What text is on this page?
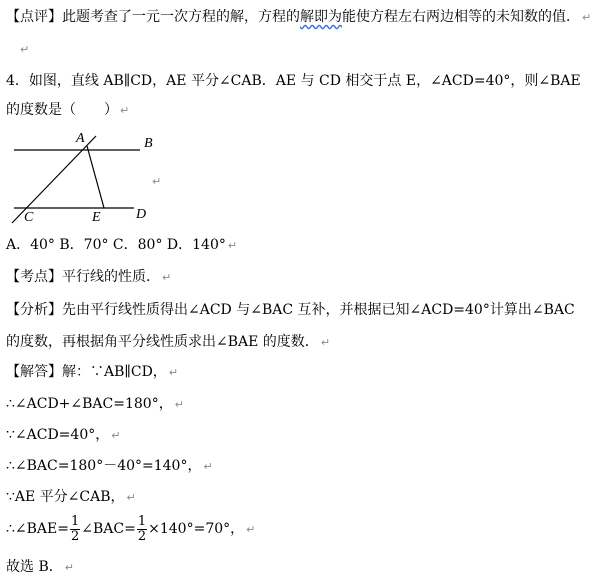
【点评】此题考查了一元一次方程的解，方程的解即为能使方程左右两边相等的未知数的值． ↵
↵
4．如图，直线 AB∥CD，AE 平分∠CAB．AE 与 CD 相交于点 E，∠ACD=40°，则∠BAE
的度数是（　　） ↵
A	B
C	E	D
↵
A．40° B．70° C．80° D．140° ↵
【考点】平行线的性质． ↵
【分析】先由平行线性质得出∠ACD 与∠BAC 互补，并根据已知∠ACD=40°计算出∠BAC
的度数，再根据角平分线性质求出∠BAE 的度数． ↵
【解答】解：∵AB∥CD， ↵
∴∠ACD+∠BAC=180°， ↵
∵∠ACD=40°， ↵
∴∠BAC=180°－40°=140°， ↵
∵AE 平分∠CAB， ↵
∴∠BAE= $\frac{1}{2}$ ∠BAC= $\frac{1}{2} \times 140^\circ=70^\circ$， ↵
故选 B． ↵
